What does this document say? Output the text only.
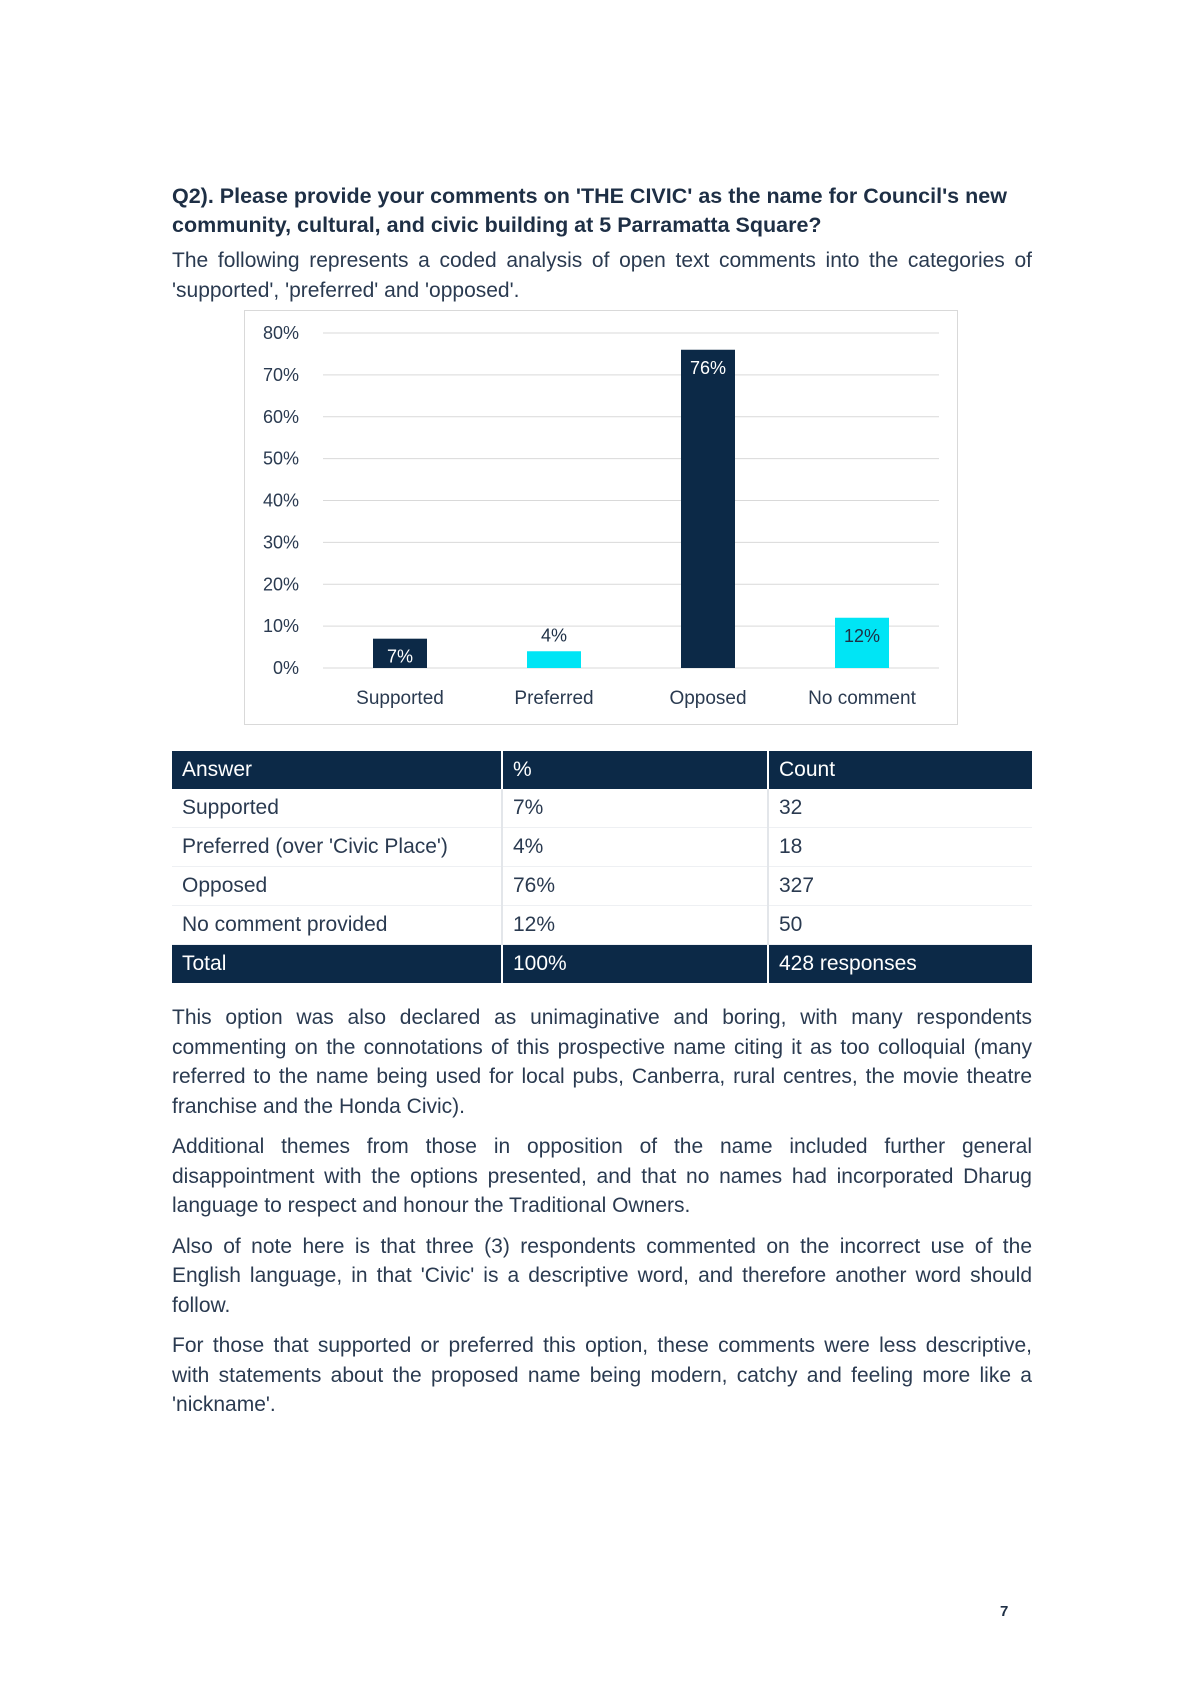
Q2). Please provide your comments on 'THE CIVIC' as the name for Council's new community, cultural, and civic building at 5 Parramatta Square?

The following represents a coded analysis of open text comments into the categories of 'supported', 'preferred' and 'opposed'.

0%
10%
20%
30%
40%
50%
60%
70%
80%
7%
Supported
4%
Preferred
76%
Opposed
12%
No comment
Answer	%	Count
Supported	7%	32
Preferred (over 'Civic Place')	4%	18
Opposed	76%	327
No comment provided	12%	50
Total	100%	428 responses

This option was also declared as unimaginative and boring, with many respondents commenting on the connotations of this prospective name citing it as too colloquial (many referred to the name being used for local pubs, Canberra, rural centres, the movie theatre franchise and the Honda Civic).

Additional themes from those in opposition of the name included further general disappointment with the options presented, and that no names had incorporated Dharug language to respect and honour the Traditional Owners.

Also of note here is that three (3) respondents commented on the incorrect use of the English language, in that 'Civic' is a descriptive word, and therefore another word should follow.

For those that supported or preferred this option, these comments were less descriptive, with statements about the proposed name being modern, catchy and feeling more like a 'nickname'.

7
